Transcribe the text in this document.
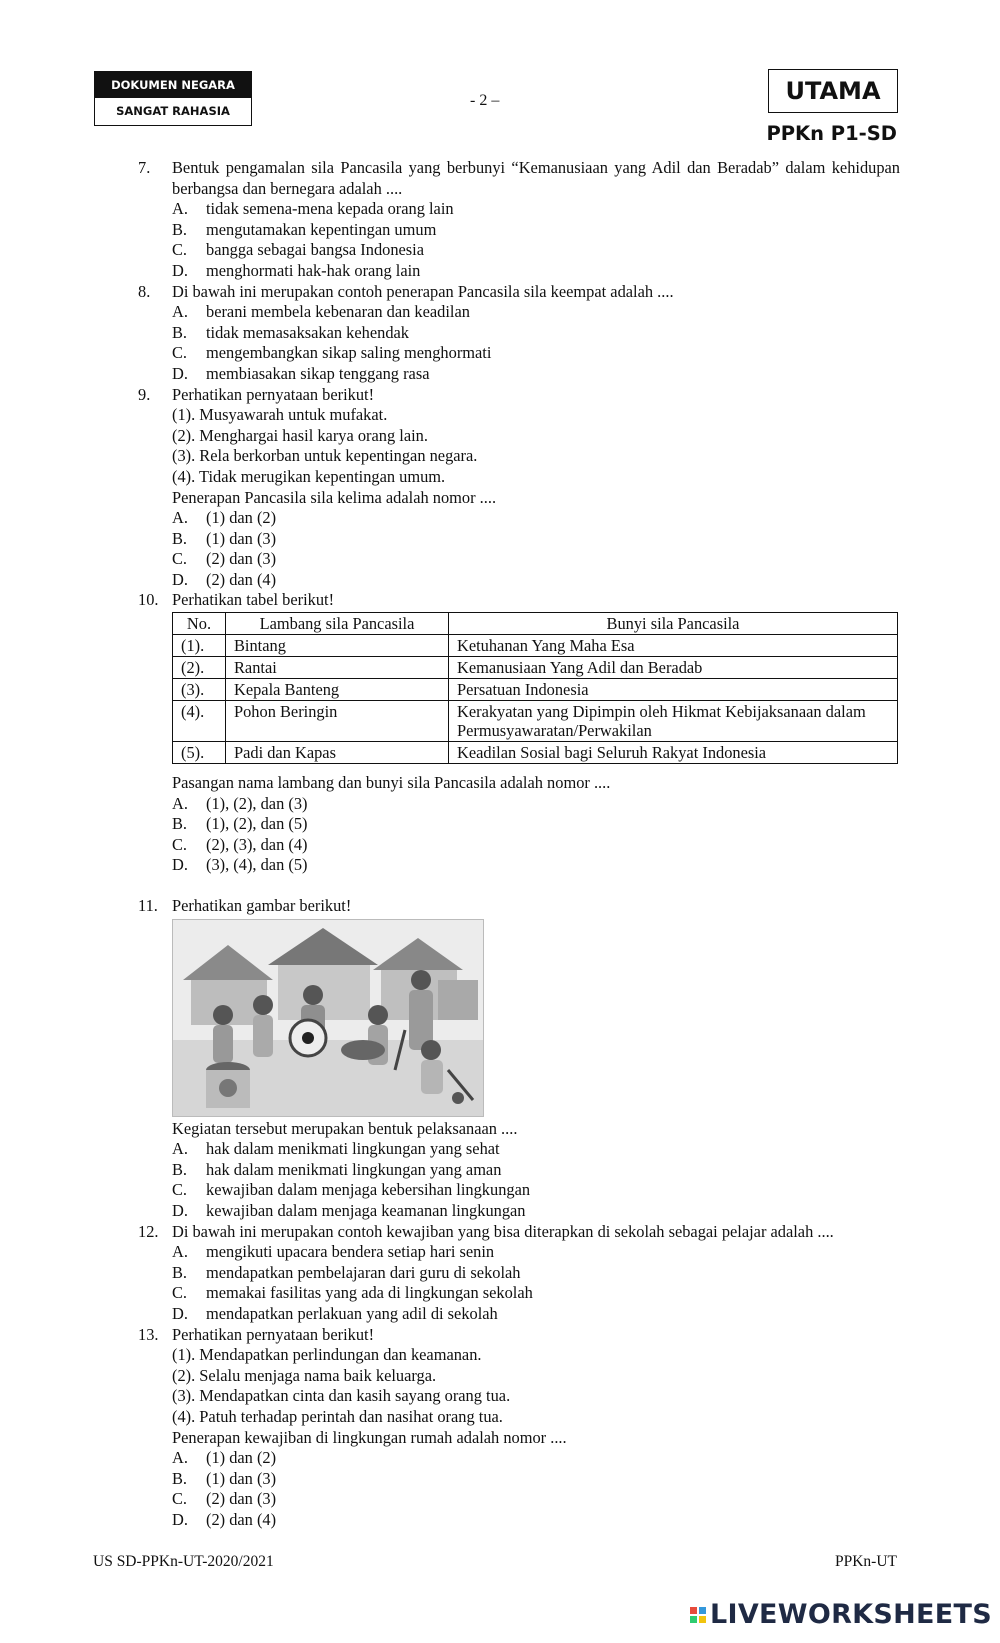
DOKUMEN NEGARA
SANGAT RAHASIA
- 2 –	UTAMA
PPKn P1-SD
7. Bentuk pengamalan sila Pancasila yang berbunyi “Kemanusiaan yang Adil dan Beradab” dalam kehidupan berbangsa dan bernegara adalah ....
A. tidak semena-mena kepada orang lain
B. mengutamakan kepentingan umum
C. bangga sebagai bangsa Indonesia
D. menghormati hak-hak orang lain
8. Di bawah ini merupakan contoh penerapan Pancasila sila keempat adalah ....
A. berani membela kebenaran dan keadilan
B. tidak memasaksakan kehendak
C. mengembangkan sikap saling menghormati
D. membiasakan sikap tenggang rasa
9. Perhatikan pernyataan berikut!
(1). Musyawarah untuk mufakat.
(2). Menghargai hasil karya orang lain.
(3). Rela berkorban untuk kepentingan negara.
(4). Tidak merugikan kepentingan umum.
Penerapan Pancasila sila kelima adalah nomor ....
A. (1) dan (2)
B. (1) dan (3)
C. (2) dan (3)
D. (2) dan (4)
10. Perhatikan tabel berikut!
No.	Lambang sila Pancasila	Bunyi sila Pancasila
(1).	Bintang	Ketuhanan Yang Maha Esa
(2).	Rantai	Kemanusiaan Yang Adil dan Beradab
(3).	Kepala Banteng	Persatuan Indonesia
(4).	Pohon Beringin	Kerakyatan yang Dipimpin oleh Hikmat Kebijaksanaan dalam Permusyawaratan/Perwakilan
(5).	Padi dan Kapas	Keadilan Sosial bagi Seluruh Rakyat Indonesia
Pasangan nama lambang dan bunyi sila Pancasila adalah nomor ....
A. (1), (2), dan (3)
B. (1), (2), dan (5)
C. (2), (3), dan (4)
D. (3), (4), dan (5)
11. Perhatikan gambar berikut!
Kegiatan tersebut merupakan bentuk pelaksanaan ....
A. hak dalam menikmati lingkungan yang sehat
B. hak dalam menikmati lingkungan yang aman
C. kewajiban dalam menjaga kebersihan lingkungan
D. kewajiban dalam menjaga keamanan lingkungan
12. Di bawah ini merupakan contoh kewajiban yang bisa diterapkan di sekolah sebagai pelajar adalah ....
A. mengikuti upacara bendera setiap hari senin
B. mendapatkan pembelajaran dari guru di sekolah
C. memakai fasilitas yang ada di lingkungan sekolah
D. mendapatkan perlakuan yang adil di sekolah
13. Perhatikan pernyataan berikut!
(1). Mendapatkan perlindungan dan keamanan.
(2). Selalu menjaga nama baik keluarga.
(3). Mendapatkan cinta dan kasih sayang orang tua.
(4). Patuh terhadap perintah dan nasihat orang tua.
Penerapan kewajiban di lingkungan rumah adalah nomor ....
A. (1) dan (2)
B. (1) dan (3)
C. (2) dan (3)
D. (2) dan (4)
US SD-PPKn-UT-2020/2021	PPKn-UT
LIVEWORKSHEETS
